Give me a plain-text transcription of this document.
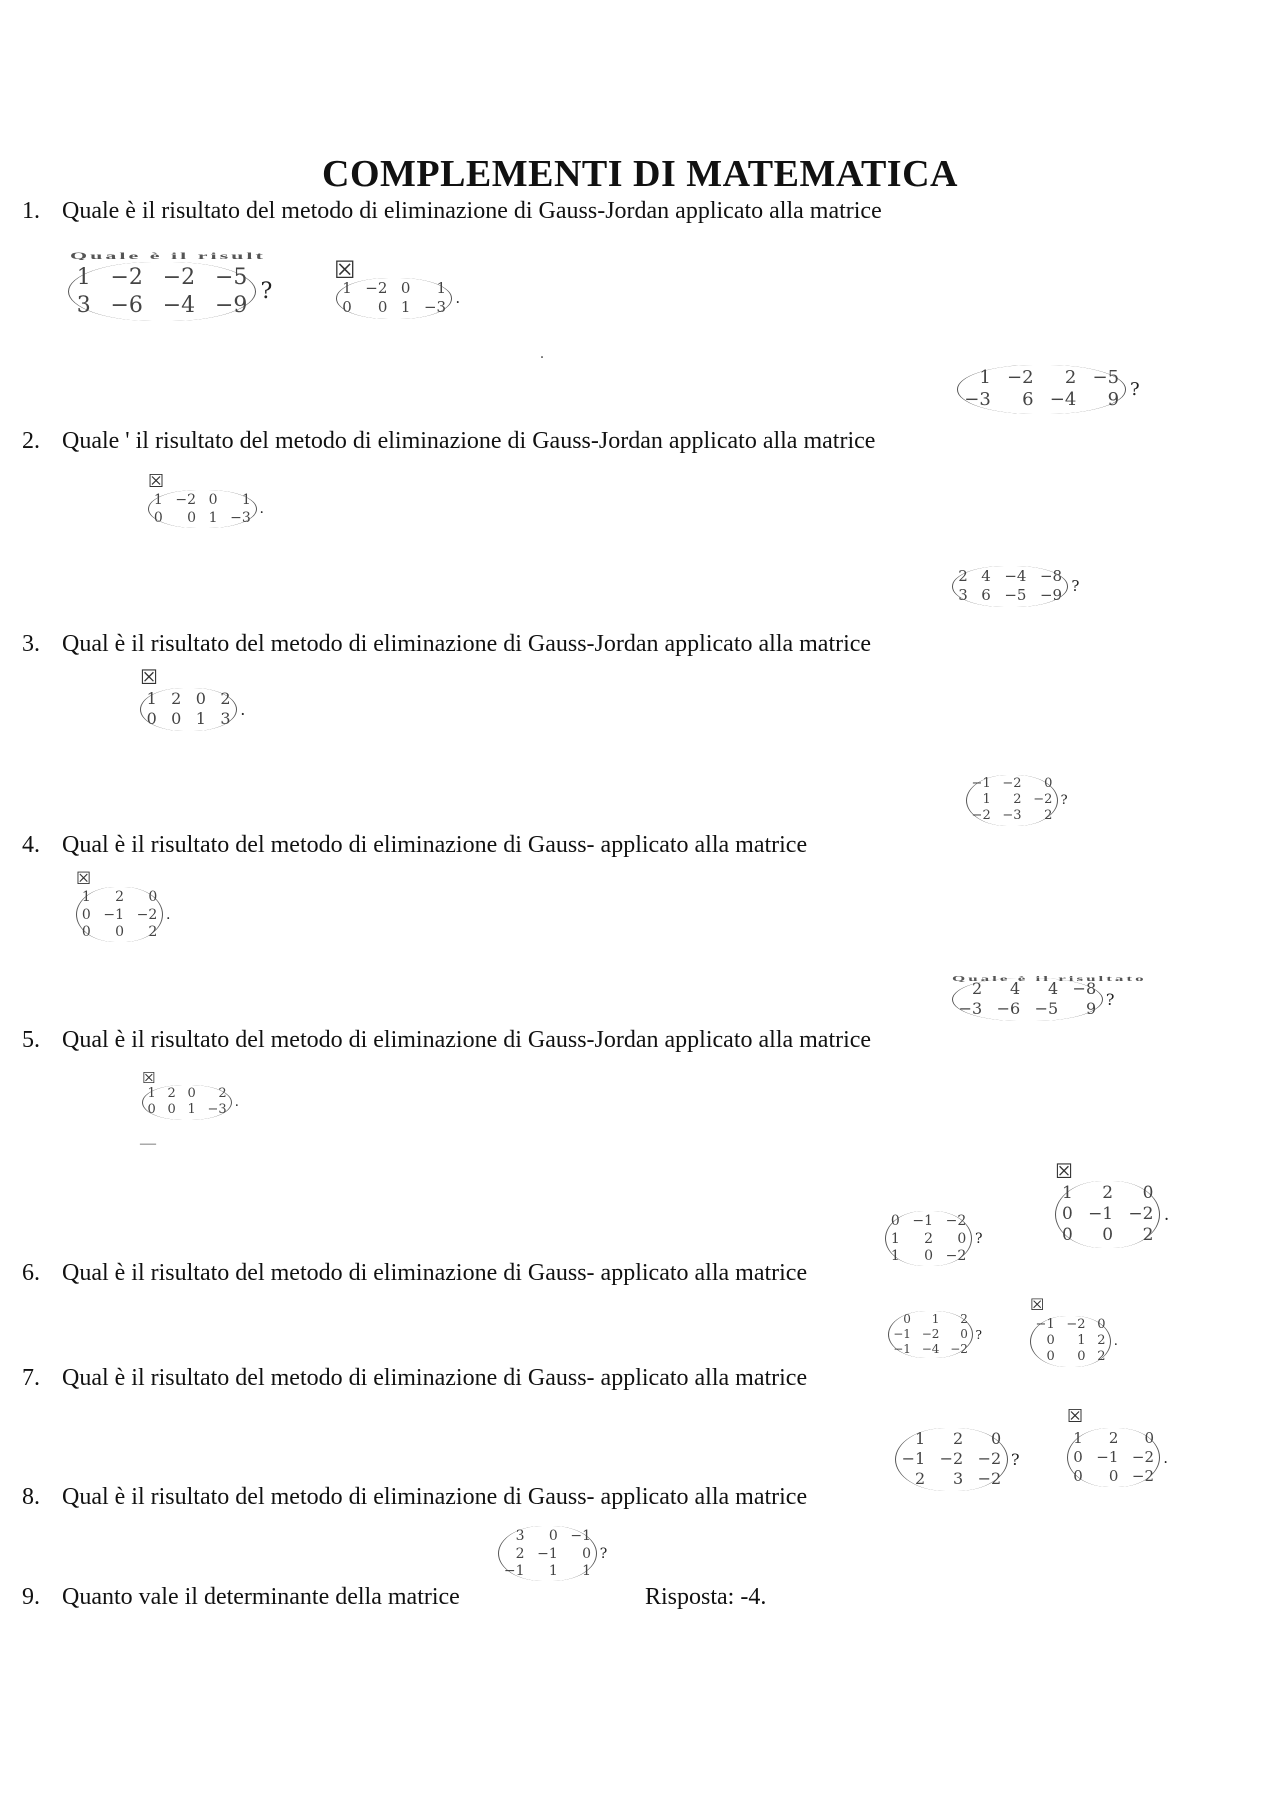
COMPLEMENTI DI MATEMATICA
1. Quale è il risultato del metodo di eliminazione di Gauss-Jordan applicato alla matrice
2. Quale ' il risultato del metodo di eliminazione di Gauss-Jordan applicato alla matrice
3. Qual è il risultato del metodo di eliminazione di Gauss-Jordan applicato alla matrice
4. Qual è il risultato del metodo di eliminazione di Gauss- applicato alla matrice
5. Qual è il risultato del metodo di eliminazione di Gauss-Jordan applicato alla matrice
6. Qual è il risultato del metodo di eliminazione di Gauss- applicato alla matrice
7. Qual è il risultato del metodo di eliminazione di Gauss- applicato alla matrice
8. Qual è il risultato del metodo di eliminazione di Gauss- applicato alla matrice
9. Quanto vale il determinante della matrice	Risposta: -4.
Quale è il risult
Quale è il risultato
.
—
☒
☒
☒
☒
☒
☒
☒
☒
1 −2 −2 −5
3 −6 −4 −9
?	1 −2 0	1
0	0 1 −3 .
1 −2	2 −5
−3	6 −4	9 ?
1 −2 0	1
0	0 1 −3
.
2 4 −4 −8
3 6 −5 −9 ?
1 2 0 2
0 0 1 3 .
−1 −2	0
1	2 −2
−2 −3	2
?
1	2	0
0 −1 −2
0	0	2
.
2	4	4 −8
−3 −6 −5	9 ?
1 2 0	2
0 0 1 −3 .
0 −1 −2
1	2	0
1	0 −2
?
1	2	0
0 −1 −2
0	0	2
.
0	1	2
−1 −2	0
−1 −4 −2
?
−1 −2 0
0	1 2
0	0 2
.
1	2	0
−1 −2 −2
2	3 −2
?
1	2	0
0 −1 −2
0	0 −2
.
3	0 −1
2 −1	0
−1	1	1
?
